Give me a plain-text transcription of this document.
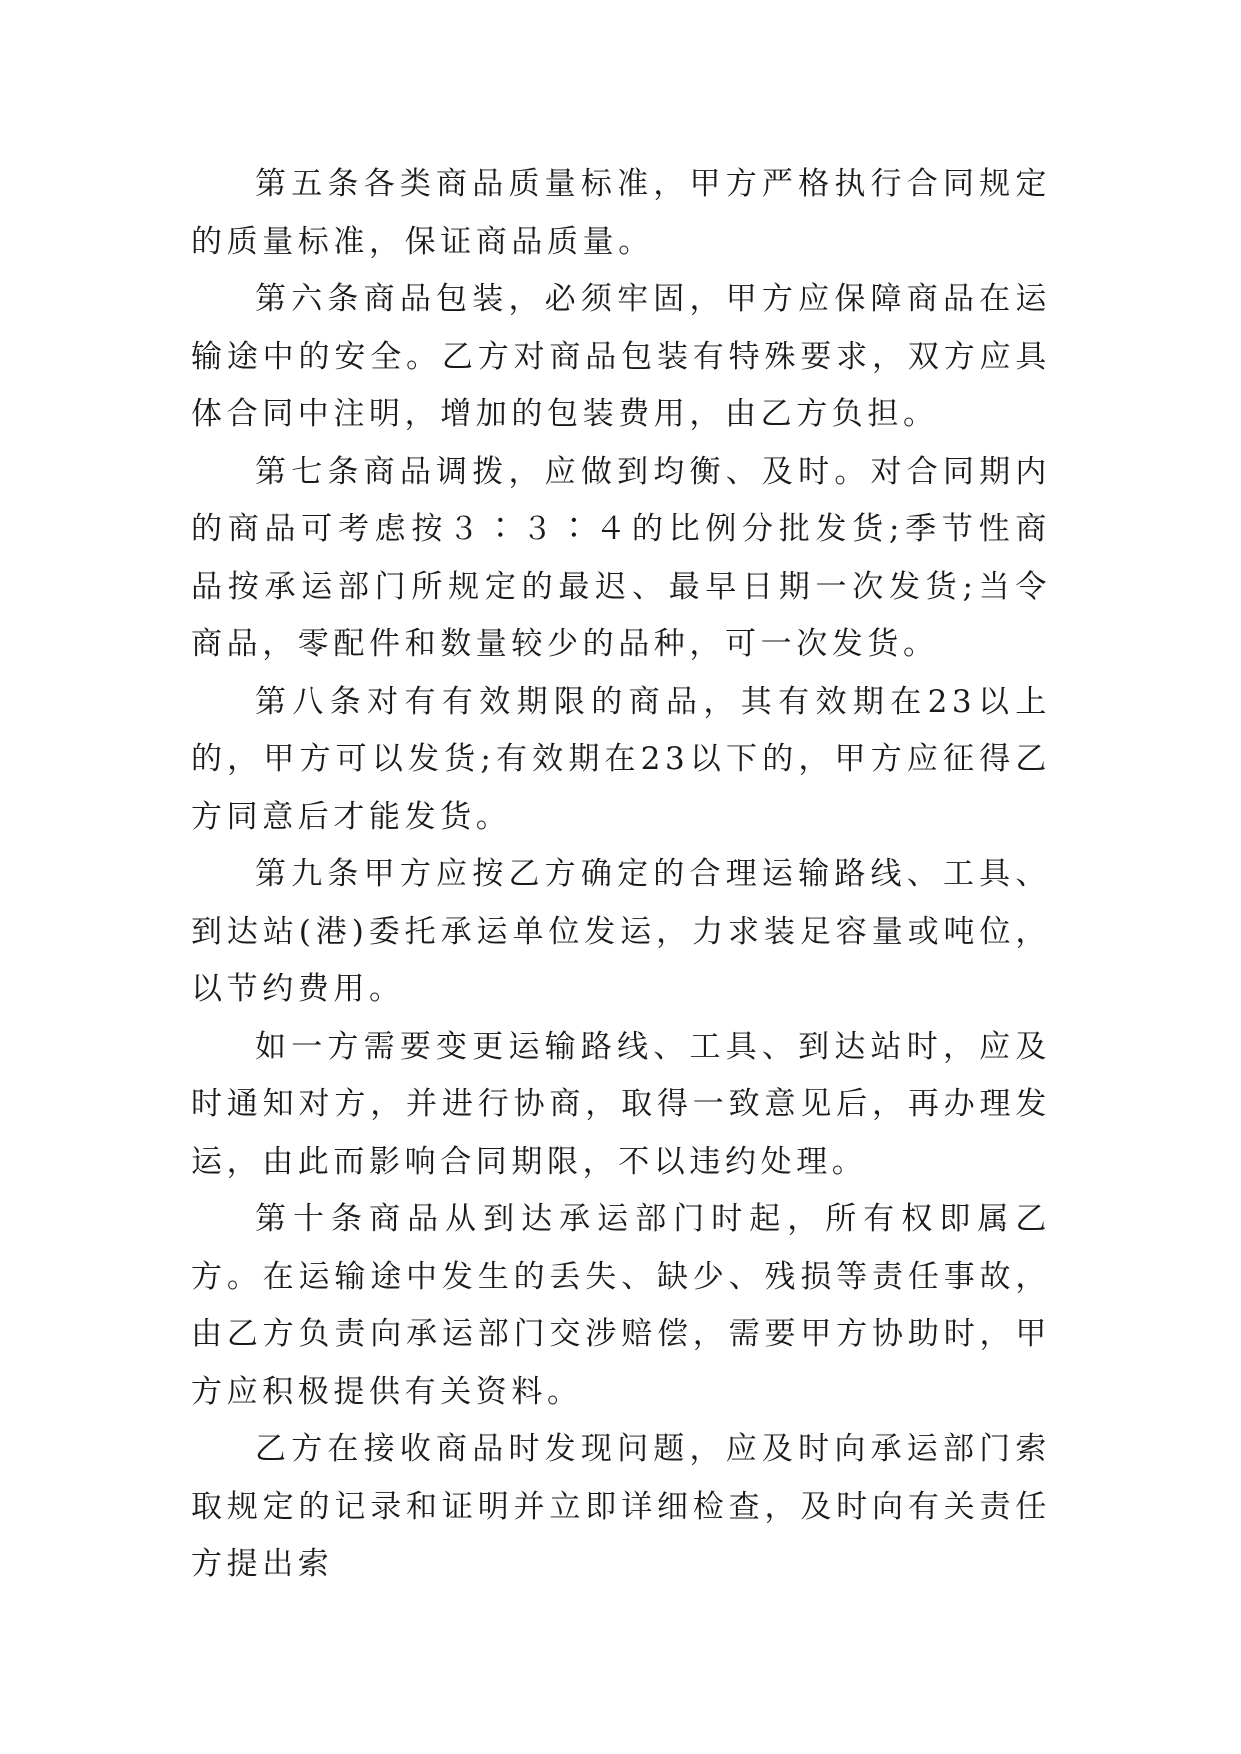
第五条各类商品质量标准，甲方严格执行合同规定的质量标准，保证商品质量。

第六条商品包装，必须牢固，甲方应保障商品在运输途中的安全。乙方对商品包装有特殊要求，双方应具体合同中注明，增加的包装费用，由乙方负担。

第七条商品调拨，应做到均衡、及时。对合同期内的商品可考虑按３∶３∶４的比例分批发货;季节性商品按承运部门所规定的最迟、最早日期一次发货;当令商品，零配件和数量较少的品种，可一次发货。

第八条对有有效期限的商品，其有效期在23以上的，甲方可以发货;有效期在23以下的，甲方应征得乙方同意后才能发货。

第九条甲方应按乙方确定的合理运输路线、工具、到达站(港)委托承运单位发运，力求装足容量或吨位，以节约费用。

如一方需要变更运输路线、工具、到达站时，应及时通知对方，并进行协商，取得一致意见后，再办理发运，由此而影响合同期限，不以违约处理。

第十条商品从到达承运部门时起，所有权即属乙方。在运输途中发生的丢失、缺少、残损等责任事故，由乙方负责向承运部门交涉赔偿，需要甲方协助时，甲方应积极提供有关资料。

乙方在接收商品时发现问题，应及时向承运部门索取规定的记录和证明并立即详细检查，及时向有关责任方提出索
